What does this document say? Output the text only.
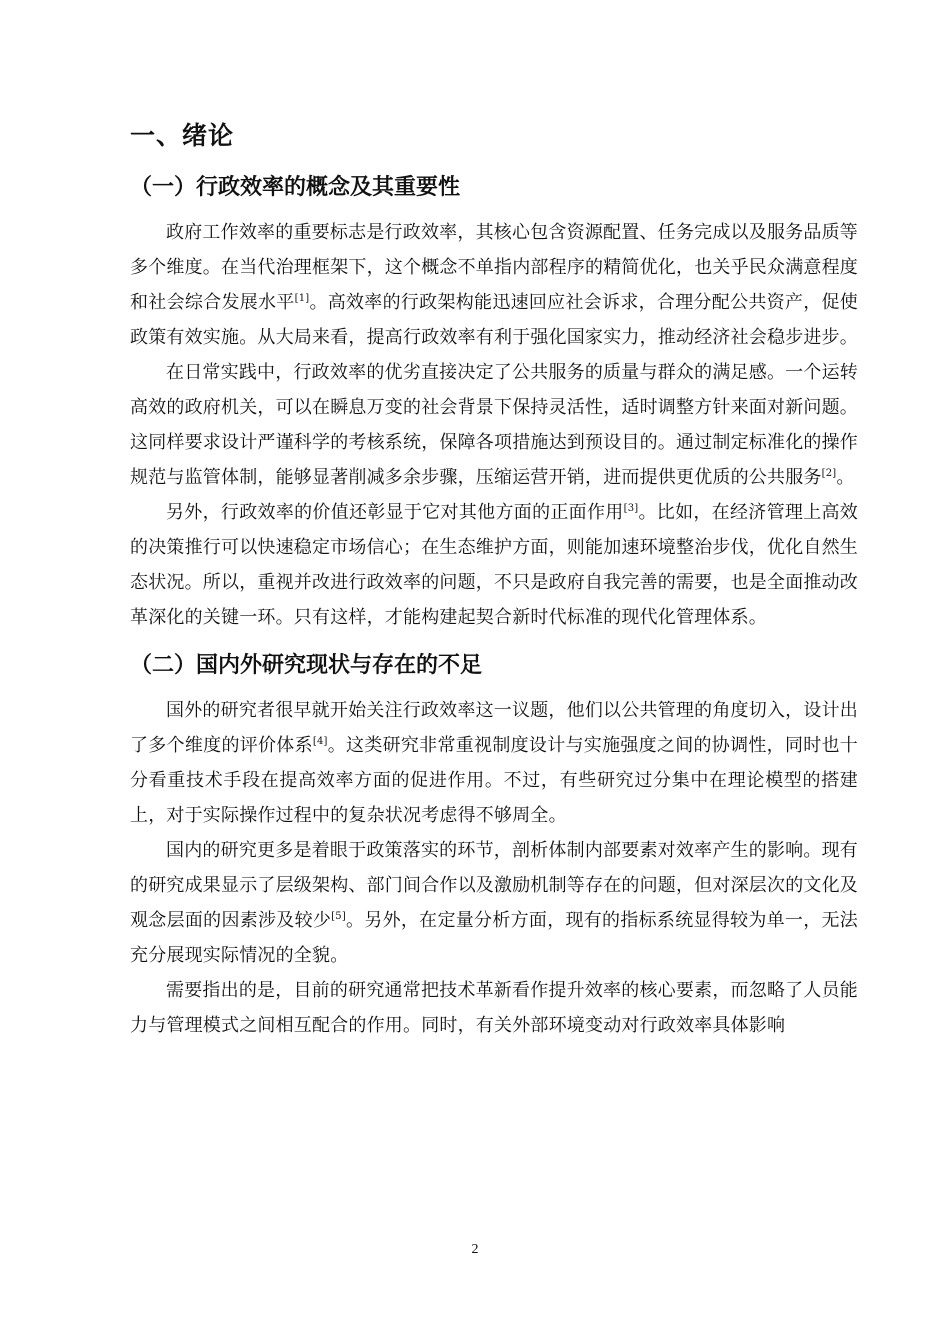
一、绪论
（一）行政效率的概念及其重要性

政府工作效率的重要标志是行政效率，其核心包含资源配置、任务完成以及服务品质等多个维度。在当代治理框架下，这个概念不单指内部程序的精简优化，也关乎民众满意程度和社会综合发展水平[1]。高效率的行政架构能迅速回应社会诉求，合理分配公共资产，促使政策有效实施。从大局来看，提高行政效率有利于强化国家实力，推动经济社会稳步进步。

在日常实践中，行政效率的优劣直接决定了公共服务的质量与群众的满足感。一个运转高效的政府机关，可以在瞬息万变的社会背景下保持灵活性，适时调整方针来面对新问题。这同样要求设计严谨科学的考核系统，保障各项措施达到预设目的。通过制定标准化的操作规范与监管体制，能够显著削减多余步骤，压缩运营开销，进而提供更优质的公共服务[2]。

另外，行政效率的价值还彰显于它对其他方面的正面作用[3]。比如，在经济管理上高效的决策推行可以快速稳定市场信心；在生态维护方面，则能加速环境整治步伐，优化自然生态状况。所以，重视并改进行政效率的问题，不只是政府自我完善的需要，也是全面推动改革深化的关键一环。只有这样，才能构建起契合新时代标准的现代化管理体系。

（二）国内外研究现状与存在的不足

国外的研究者很早就开始关注行政效率这一议题，他们以公共管理的角度切入，设计出了多个维度的评价体系[4]。这类研究非常重视制度设计与实施强度之间的协调性，同时也十分看重技术手段在提高效率方面的促进作用。不过，有些研究过分集中在理论模型的搭建上，对于实际操作过程中的复杂状况考虑得不够周全。

国内的研究更多是着眼于政策落实的环节，剖析体制内部要素对效率产生的影响。现有的研究成果显示了层级架构、部门间合作以及激励机制等存在的问题，但对深层次的文化及观念层面的因素涉及较少[5]。另外，在定量分析方面，现有的指标系统显得较为单一，无法充分展现实际情况的全貌。

需要指出的是，目前的研究通常把技术革新看作提升效率的核心要素，而忽略了人员能力与管理模式之间相互配合的作用。同时，有关外部环境变动对行政效率具体影响

2
